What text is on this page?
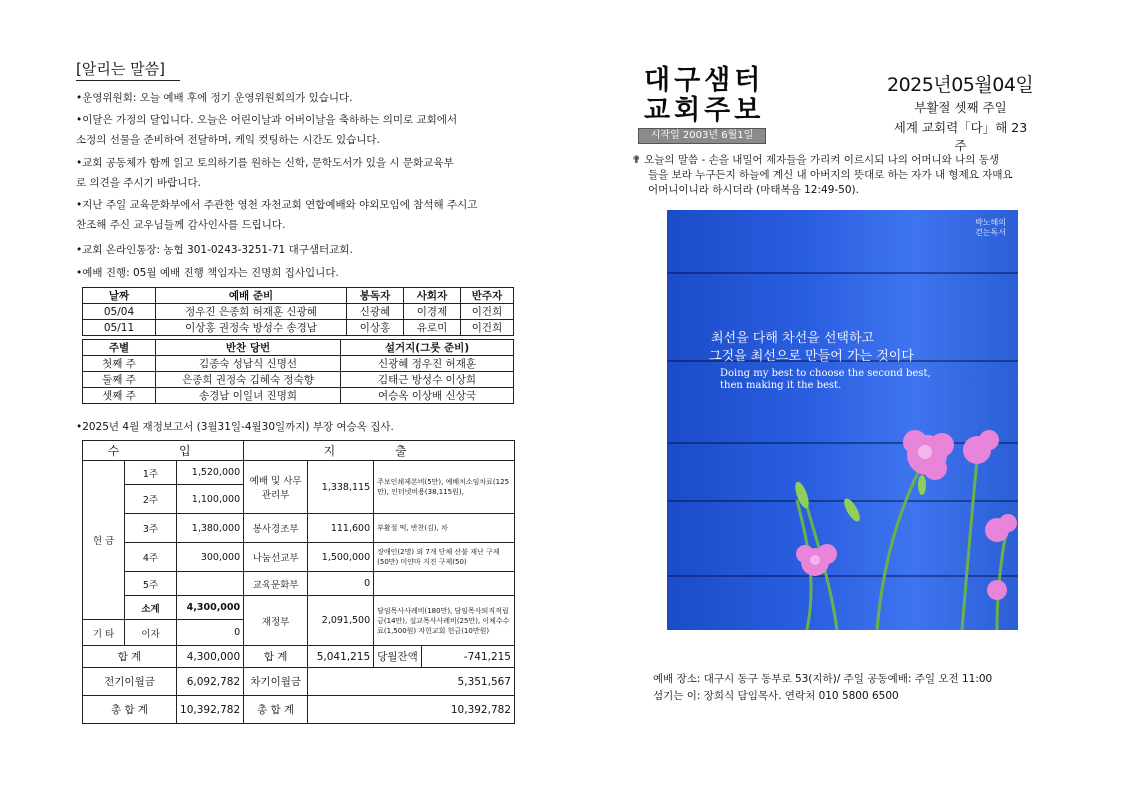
[알리는 말씀]
•운영위원회: 오늘 예배 후에 정기 운영위원회의가 있습니다.
•이달은 가정의 달입니다. 오늘은 어린이날과 어버이날을 축하하는 의미로 교회에서
소정의 선물을 준비하여 전달하며, 케잌 컷팅하는 시간도 있습니다.
•교회 공동체가 함께 읽고 토의하기를 원하는 신학, 문학도서가 있을 시 문화교육부
로 의견을 주시기 바랍니다.
•지난 주일 교육문화부에서 주관한 영천 자천교회 연합예배와 야외모임에 참석해 주시고
찬조해 주신 교우님들께 감사인사를 드립니다.
•교회 온라인통장: 농협 301-0243-3251-71 대구샘터교회.
•예배 진행: 05월 예배 진행 책임자는 진명희 집사입니다.
날짜	예배 준비	봉독자	사회자	반주자
05/04	정우진 은종희 허재훈 신광혜	신광혜	이경제	이건희
05/11	이상홍 권정숙 방성수 송경남	이상홍	유로미	이건희
주별	반찬 당번	설거지(그룻 준비)
첫째 주	김종숙 성남식 신명선	신광혜 정우진 허재훈
둘째 주	은종희 권정숙 김혜숙 정숙향	김태근 방성수 이상희
셋째 주	송경남 이일녀 진명희	여승옥 이상배 신상국
•2025년 4월 재정보고서 (3월31일-4월30일까지) 부장 여승옥 집사.
수 입			지 출			
헌 금	1주	1,520,000	예배 및 사무관리부	1,338,115	주보인쇄제본비(5만), 예배처소임차료(125만), 인터넷비용(38,115원),	
	2주	1,100,000				
	3주	1,380,000	봉사경조부	111,600	부활절 떡, 반찬(김), 차	
	4주	300,000	나눔선교부	1,500,000	장애인(2명) 외 7개 단체 산불 재난 구제(50만) 미얀마 지진 구제(50)	
	5주		교육문화부	0		
	소계	4,300,000	재정부	2,091,500	담임목사사례비(180만), 담임목사퇴직적립금(14만), 설교목사사례비(25만), 이체수수료(1,500원) 자헌교회 헌금(10만원)	
기 타	이자	0				
합 계		4,300,000	합 계	5,041,215	당월잔액	-741,215
전기이월금		6,092,782	차기이월금	5,351,567		
총 합 계		10,392,782	총 합 계	10,392,782		
대구샘터
교회주보
시작일 2003년 6월1일
2025년05월04일
부활절 셋째 주일
세계 교회력「다」해 23주
✟ 오늘의 말씀 - 손을 내밀어 제자들을 가리켜 이르시되 나의 어머니와 나의 동생
들을 보라 누구든지 하늘에 계신 내 아버지의 뜻대로 하는 자가 내 형제요 자매요
어머니이니라 하시더라 (마태복음 12:49-50).
박노해의
걷는독서
최선을 다해 차선을 선택하고
그것을 최선으로 만들어 가는 것이다
Doing my best to choose the second best,
then making it the best.
예배 장소: 대구시 동구 동부로 53(지하)/ 주일 공동예배: 주일 오전 11:00
섬기는 이: 장희식 담임목사. 연락처 010 5800 6500
